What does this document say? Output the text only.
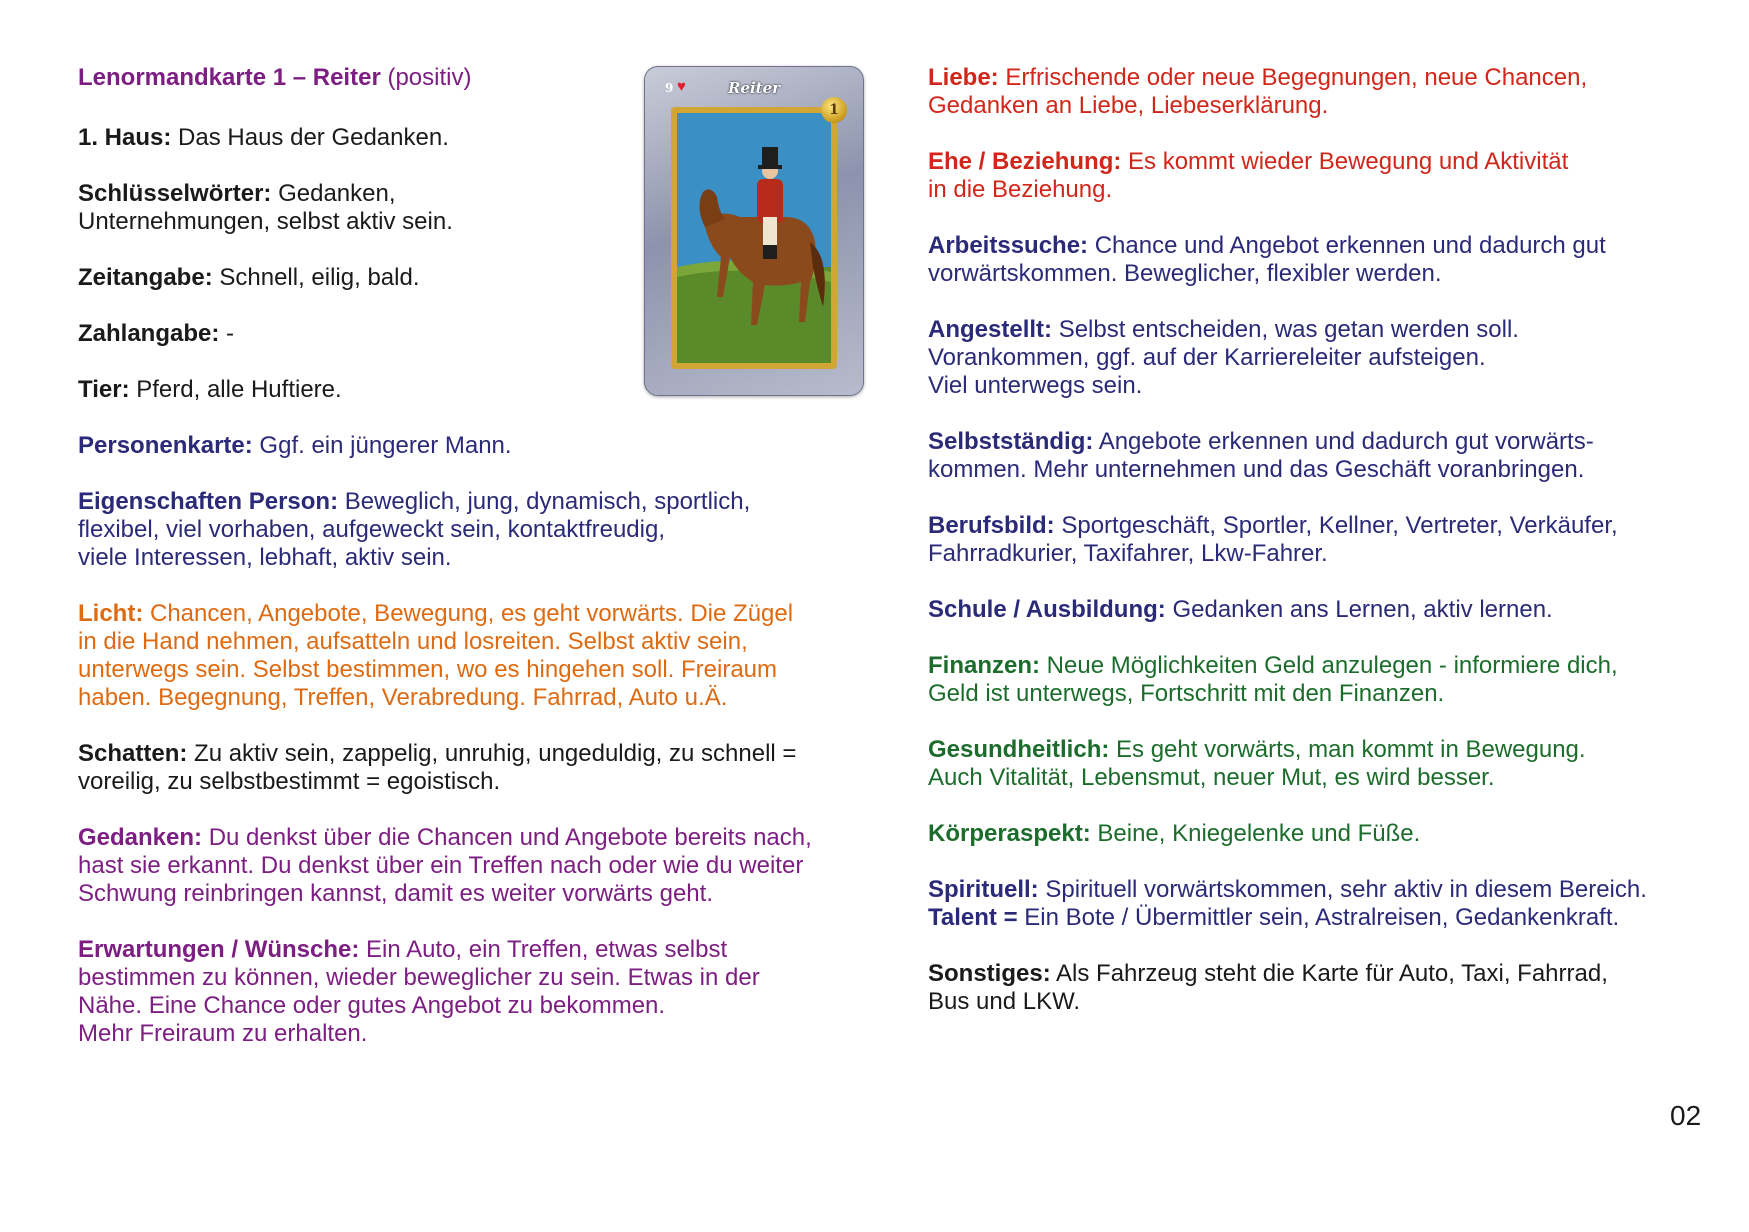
Lenormandkarte 1 – Reiter (positiv)
1. Haus: Das Haus der Gedanken.
Schlüsselwörter: Gedanken,
Unternehmungen, selbst aktiv sein.
Zeitangabe: Schnell, eilig, bald.
Zahlangabe: -
Tier: Pferd, alle Huftiere.
Personenkarte: Ggf. ein jüngerer Mann.
Eigenschaften Person: Beweglich, jung, dynamisch, sportlich,
flexibel, viel vorhaben, aufgeweckt sein, kontaktfreudig,
viele Interessen, lebhaft, aktiv sein.
Licht: Chancen, Angebote, Bewegung, es geht vorwärts. Die Zügel
in die Hand nehmen, aufsatteln und losreiten. Selbst aktiv sein,
unterwegs sein. Selbst bestimmen, wo es hingehen soll. Freiraum
haben. Begegnung, Treffen, Verabredung. Fahrrad, Auto u.Ä.
Schatten: Zu aktiv sein, zappelig, unruhig, ungeduldig, zu schnell =
voreilig, zu selbstbestimmt = egoistisch.
Gedanken: Du denkst über die Chancen und Angebote bereits nach,
hast sie erkannt. Du denkst über ein Treffen nach oder wie du weiter
Schwung reinbringen kannst, damit es weiter vorwärts geht.
Erwartungen / Wünsche: Ein Auto, ein Treffen, etwas selbst
bestimmen zu können, wieder beweglicher zu sein. Etwas in der
Nähe. Eine Chance oder gutes Angebot zu bekommen.
Mehr Freiraum zu erhalten.
9 ♥	Reiter
1
Liebe: Erfrischende oder neue Begegnungen, neue Chancen,
Gedanken an Liebe, Liebeserklärung.
Ehe / Beziehung: Es kommt wieder Bewegung und Aktivität
in die Beziehung.
Arbeitssuche: Chance und Angebot erkennen und dadurch gut
vorwärtskommen. Beweglicher, flexibler werden.
Angestellt: Selbst entscheiden, was getan werden soll.
Vorankommen, ggf. auf der Karriereleiter aufsteigen.
Viel unterwegs sein.
Selbstständig: Angebote erkennen und dadurch gut vorwärts-
kommen. Mehr unternehmen und das Geschäft voranbringen.
Berufsbild: Sportgeschäft, Sportler, Kellner, Vertreter, Verkäufer,
Fahrradkurier, Taxifahrer, Lkw-Fahrer.
Schule / Ausbildung: Gedanken ans Lernen, aktiv lernen.
Finanzen: Neue Möglichkeiten Geld anzulegen - informiere dich,
Geld ist unterwegs, Fortschritt mit den Finanzen.
Gesundheitlich: Es geht vorwärts, man kommt in Bewegung.
Auch Vitalität, Lebensmut, neuer Mut, es wird besser.
Körperaspekt: Beine, Kniegelenke und Füße.
Spirituell: Spirituell vorwärtskommen, sehr aktiv in diesem Bereich.
Talent = Ein Bote / Übermittler sein, Astralreisen, Gedankenkraft.
Sonstiges: Als Fahrzeug steht die Karte für Auto, Taxi, Fahrrad,
Bus und LKW.
02
